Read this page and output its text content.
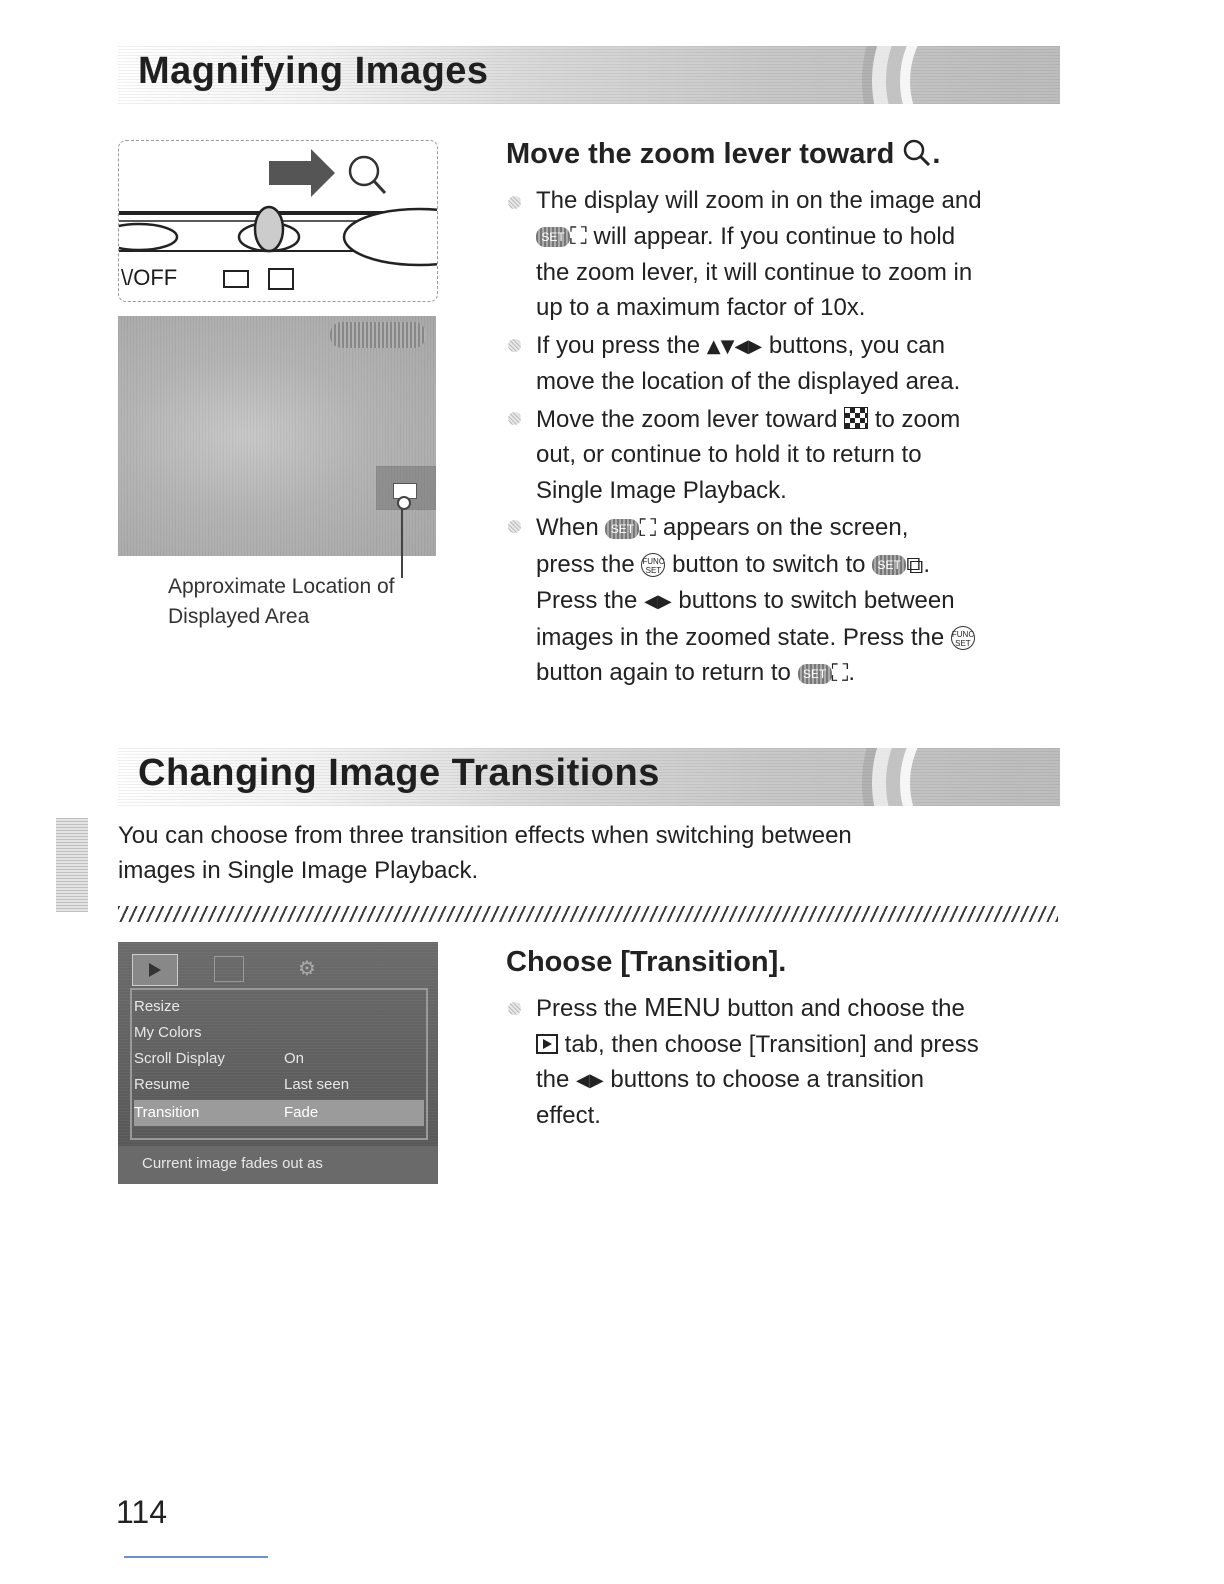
Magnifying Images
\/OFF
Approximate Location of
Displayed Area
Move the zoom lever toward .
The display will zoom in on the image and
SET ⛶ will appear. If you continue to hold
the zoom lever, it will continue to zoom in
up to a maximum factor of 10x.
If you press the ▲▼◀▶ buttons, you can
move the location of the displayed area.
Move the zoom lever toward to zoom
out, or continue to hold it to return to
Single Image Playback.
When SET ⛶ appears on the screen,
press the FUNC SET button to switch to SET ⧉.
Press the ◀▶ buttons to switch between
images in the zoomed state. Press the FUNC SET
button again to return to SET ⛶.
Changing Image Transitions
You can choose from three transition effects when switching between
images in Single Image Playback.
⚙
Resize
My Colors
Scroll Display	On
Resume	Last seen
Transition	Fade
Current image fades out as
Choose [Transition].
Press the MENU button and choose the
tab, then choose [Transition] and press
the ◀▶ buttons to choose a transition
effect.
114
